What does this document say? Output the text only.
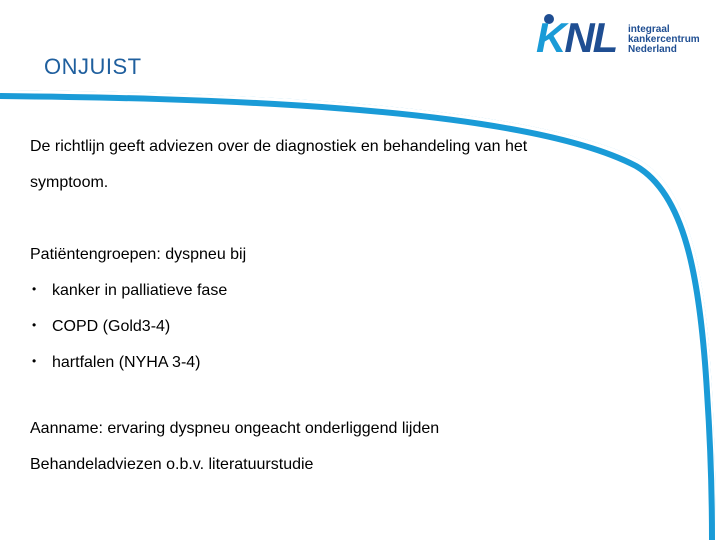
ONJUIST
KNL integraal
kankercentrum
Nederland
De richtlijn geeft adviezen over de diagnostiek en behandeling van het
symptoom.
Patiëntengroepen: dyspneu bij
• kanker in palliatieve fase
• COPD (Gold3-4)
• hartfalen (NYHA 3-4)
Aanname: ervaring dyspneu ongeacht onderliggend lijden
Behandeladviezen o.b.v. literatuurstudie
